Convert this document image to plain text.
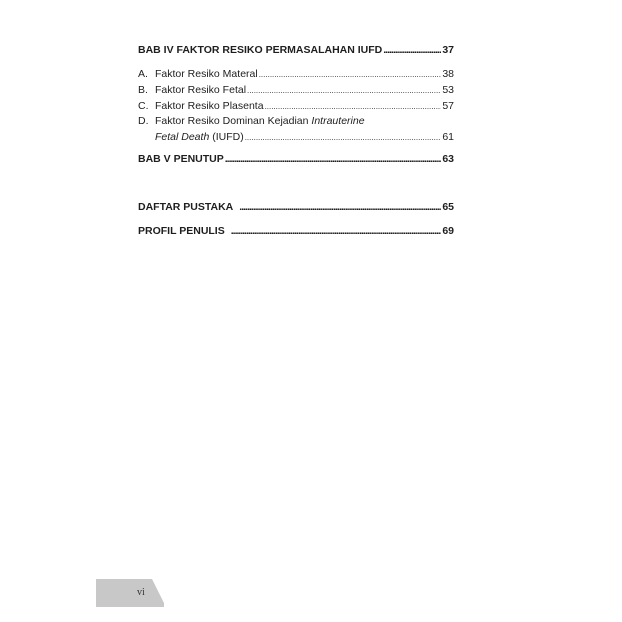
BAB IV FAKTOR RESIKO PERMASALAHAN IUFD .....	37
A. Faktor Resiko Materal .....	38
B. Faktor Resiko Fetal .....	53
C. Faktor Resiko Plasenta .....	57
D. Faktor Resiko Dominan Kejadian Intrauterine
Fetal Death (IUFD) .....	61
BAB V PENUTUP .....	63
DAFTAR PUSTAKA .....	65
PROFIL PENULIS .....	69
vi
